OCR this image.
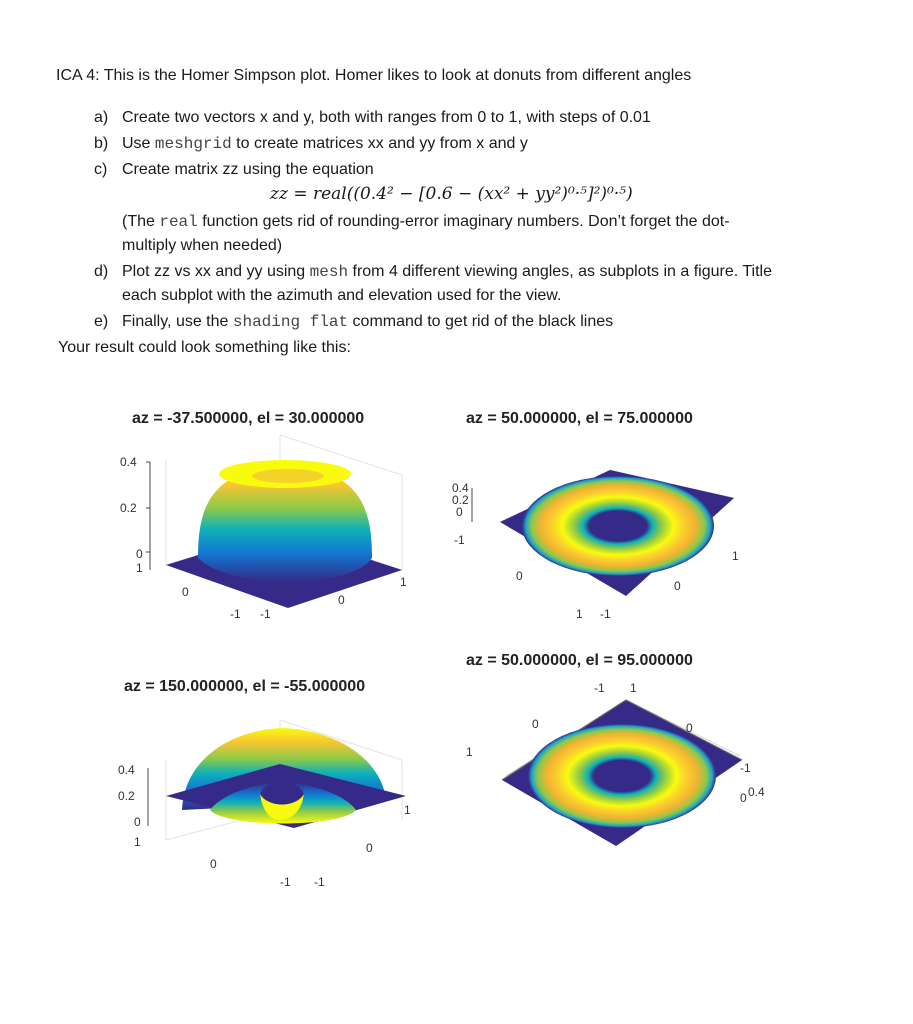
ICA 4: This is the Homer Simpson plot. Homer likes to look at donuts from different angles
a) Create two vectors x and y, both with ranges from 0 to 1, with steps of 0.01
b) Use meshgrid to create matrices xx and yy from x and y
c) Create matrix zz using the equation
zz = real((0.4² − [0.6 − (xx² + yy²)⁰·⁵]²)⁰·⁵)
(The real function gets rid of rounding-error imaginary numbers. Don’t forget the dot-
multiply when needed)
d) Plot zz vs xx and yy using mesh from 4 different viewing angles, as subplots in a figure. Title
each subplot with the azimuth and elevation used for the view.
e) Finally, use the shading flat command to get rid of the black lines
Your result could look something like this:
az = -37.500000, el = 30.000000
0.4
0.2
0
1
0
-1 -1
0
1
az = 50.000000, el = 75.000000
0.4
0.2
0
-1
0
1 -1
0
1
az = 150.000000, el = -55.000000
0.4
0.2
0
1
0
-1 -1
0
1
az = 50.000000, el = 95.000000
-1 1
0
1
0
-1
0.4
0
